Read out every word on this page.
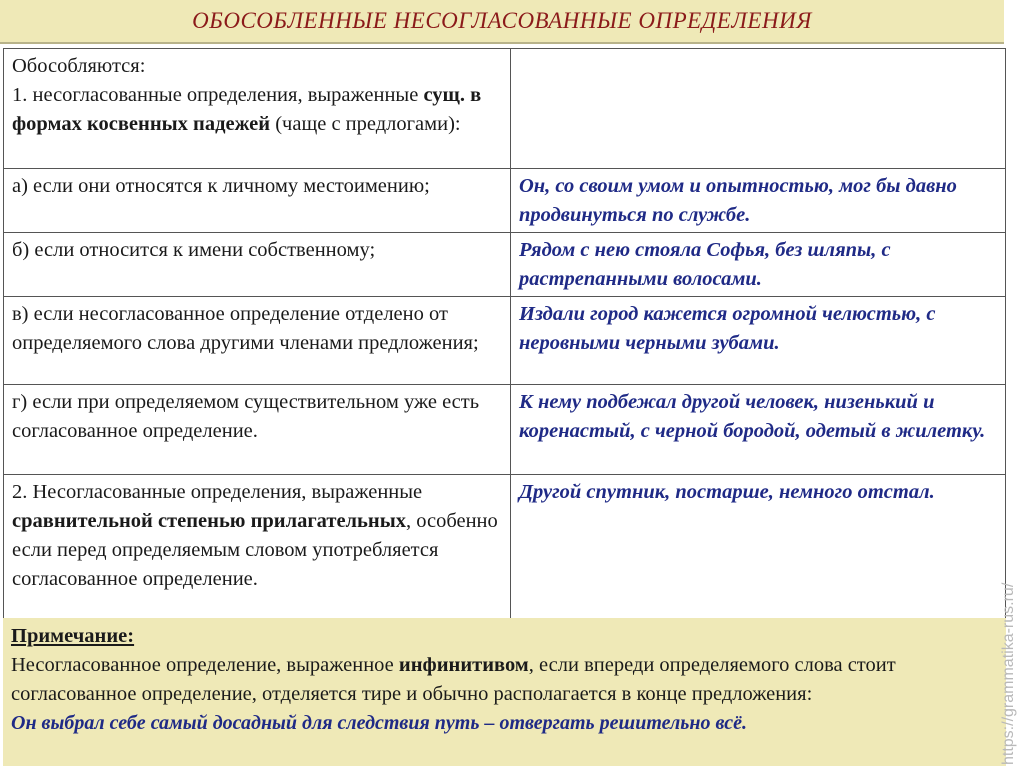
ОБОСОБЛЕННЫЕ НЕСОГЛАСОВАННЫЕ ОПРЕДЕЛЕНИЯ
Обособляются:
1. несогласованные определения, выраженные сущ. в формах косвенных падежей (чаще с предлогами):	
а) если они относятся к личному местоимению;	Он, со своим умом и опытностью, мог бы давно продвинуться по службе.
б) если относится к имени собственному;	Рядом с нею стояла Софья, без шляпы, с растрепанными волосами.
в) если несогласованное определение отделено от определяемого слова другими членами предложения;	Издали город кажется огромной челюстью, с неровными черными зубами.
г) если при определяемом существительном уже есть согласованное определение.	К нему подбежал другой человек, низенький и коренастый, с черной бородой, одетый в жилетку.
2. Несогласованные определения, выраженные сравнительной степенью прилагательных, особенно если перед определяемым словом употребляется согласованное определение.	Другой спутник, постарше, немного отстал.
Примечание:
Несогласованное определение, выраженное инфинитивом, если впереди определяемого слова стоит согласованное определение, отделяется тире и обычно располагается в конце предложения:
Он выбрал себе самый досадный для следствия путь – отвергать решительно всё.	https://grammatika-rus.ru/
